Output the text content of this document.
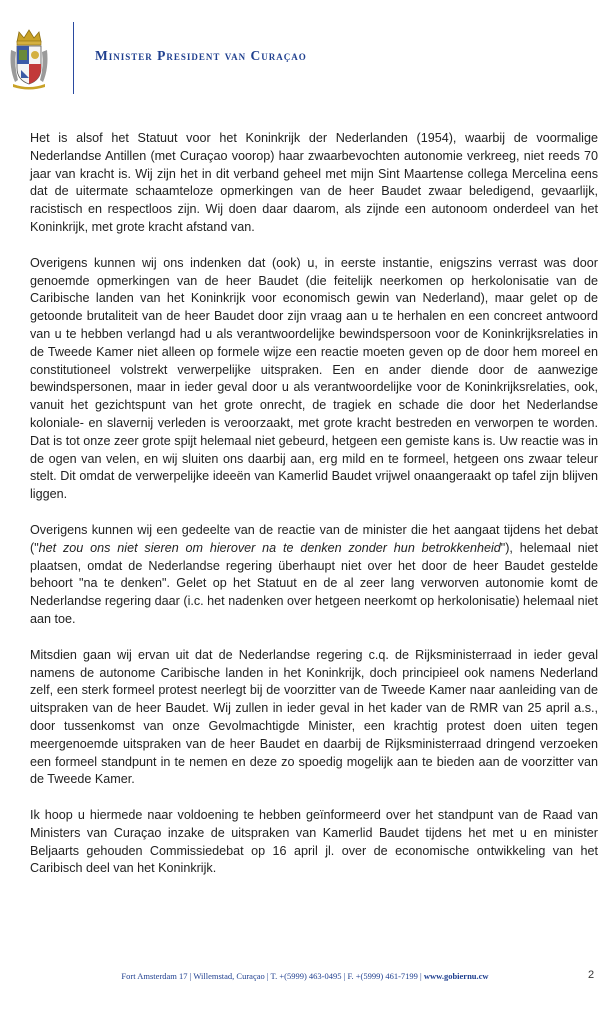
Minister President van Curaçao

Het is alsof het Statuut voor het Koninkrijk der Nederlanden (1954), waarbij de voormalige Nederlandse Antillen (met Curaçao voorop) haar zwaarbevochten autonomie verkreeg, niet reeds 70 jaar van kracht is. Wij zijn het in dit verband geheel met mijn Sint Maartense collega Mercelina eens dat de uitermate schaamteloze opmerkingen van de heer Baudet zwaar beledigend, gevaarlijk, racistisch en respectloos zijn. Wij doen daar daarom, als zijnde een autonoom onderdeel van het Koninkrijk, met grote kracht afstand van.

Overigens kunnen wij ons indenken dat (ook) u, in eerste instantie, enigszins verrast was door genoemde opmerkingen van de heer Baudet (die feitelijk neerkomen op herkolonisatie van de Caribische landen van het Koninkrijk voor economisch gewin van Nederland), maar gelet op de getoonde brutaliteit van de heer Baudet door zijn vraag aan u te herhalen en een concreet antwoord van u te hebben verlangd had u als verantwoordelijke bewindspersoon voor de Koninkrijksrelaties in de Tweede Kamer niet alleen op formele wijze een reactie moeten geven op de door hem moreel en constitutioneel volstrekt verwerpelijke uitspraken. Een en ander diende door de aanwezige bewindspersonen, maar in ieder geval door u als verantwoordelijke voor de Koninkrijksrelaties, ook, vanuit het gezichtspunt van het grote onrecht, de tragiek en schade die door het Nederlandse koloniale- en slavernij verleden is veroorzaakt, met grote kracht bestreden en verworpen te worden. Dat is tot onze zeer grote spijt helemaal niet gebeurd, hetgeen een gemiste kans is. Uw reactie was in de ogen van velen, en wij sluiten ons daarbij aan, erg mild en te formeel, hetgeen ons zwaar teleur stelt. Dit omdat de verwerpelijke ideeën van Kamerlid Baudet vrijwel onaangeraakt op tafel zijn blijven liggen.

Overigens kunnen wij een gedeelte van de reactie van de minister die het aangaat tijdens het debat ("het zou ons niet sieren om hierover na te denken zonder hun betrokkenheid"), helemaal niet plaatsen, omdat de Nederlandse regering überhaupt niet over het door de heer Baudet gestelde behoort "na te denken". Gelet op het Statuut en de al zeer lang verworven autonomie komt de Nederlandse regering daar (i.c. het nadenken over hetgeen neerkomt op herkolonisatie) helemaal niet aan toe.

Mitsdien gaan wij ervan uit dat de Nederlandse regering c.q. de Rijksministerraad in ieder geval namens de autonome Caribische landen in het Koninkrijk, doch principieel ook namens Nederland zelf, een sterk formeel protest neerlegt bij de voorzitter van de Tweede Kamer naar aanleiding van de uitspraken van de heer Baudet. Wij zullen in ieder geval in het kader van de RMR van 25 april a.s., door tussenkomst van onze Gevolmachtigde Minister, een krachtig protest doen uiten tegen meergenoemde uitspraken van de heer Baudet en daarbij de Rijksministerraad dringend verzoeken een formeel standpunt in te nemen en deze zo spoedig mogelijk aan te bieden aan de voorzitter van de Tweede Kamer.

Ik hoop u hiermede naar voldoening te hebben geïnformeerd over het standpunt van de Raad van Ministers van Curaçao inzake de uitspraken van Kamerlid Baudet tijdens het met u en minister Beljaarts gehouden Commissiedebat op 16 april jl. over de economische ontwikkeling van het Caribisch deel van het Koninkrijk.

Fort Amsterdam 17 | Willemstad, Curaçao | T. +(5999) 463-0495 | F. +(5999) 461-7199 | www.gobiernu.cw	2
